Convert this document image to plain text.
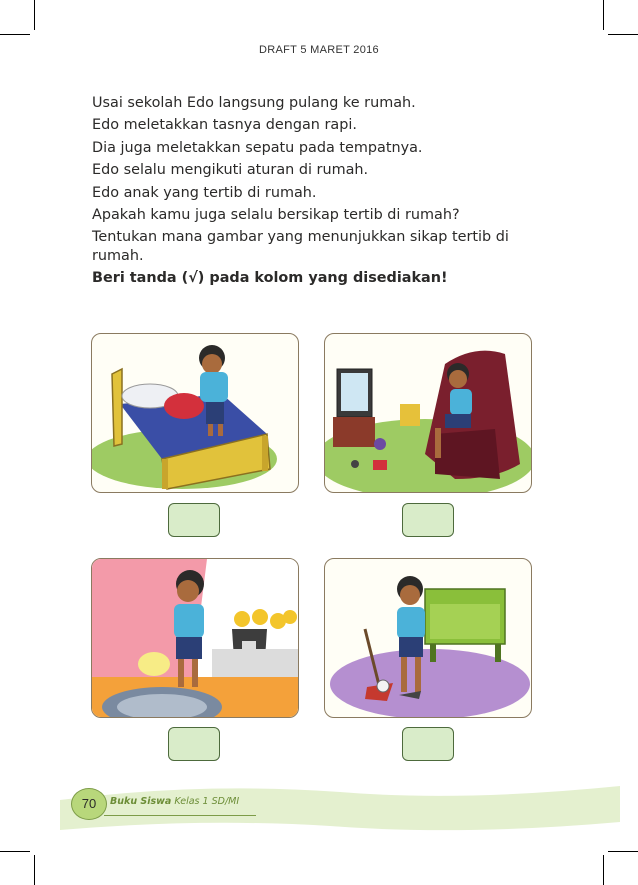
DRAFT 5 MARET 2016

Usai sekolah Edo langsung pulang ke rumah.

Edo meletakkan tasnya dengan rapi.

Dia juga meletakkan sepatu pada tempatnya.

Edo selalu mengikuti aturan di rumah.

Edo anak yang tertib di rumah.

Apakah kamu juga selalu bersikap tertib di rumah?

Tentukan mana gambar yang menunjukkan sikap tertib di rumah.

Beri tanda (√) pada kolom yang disediakan!

70	Buku Siswa Kelas 1 SD/MI
